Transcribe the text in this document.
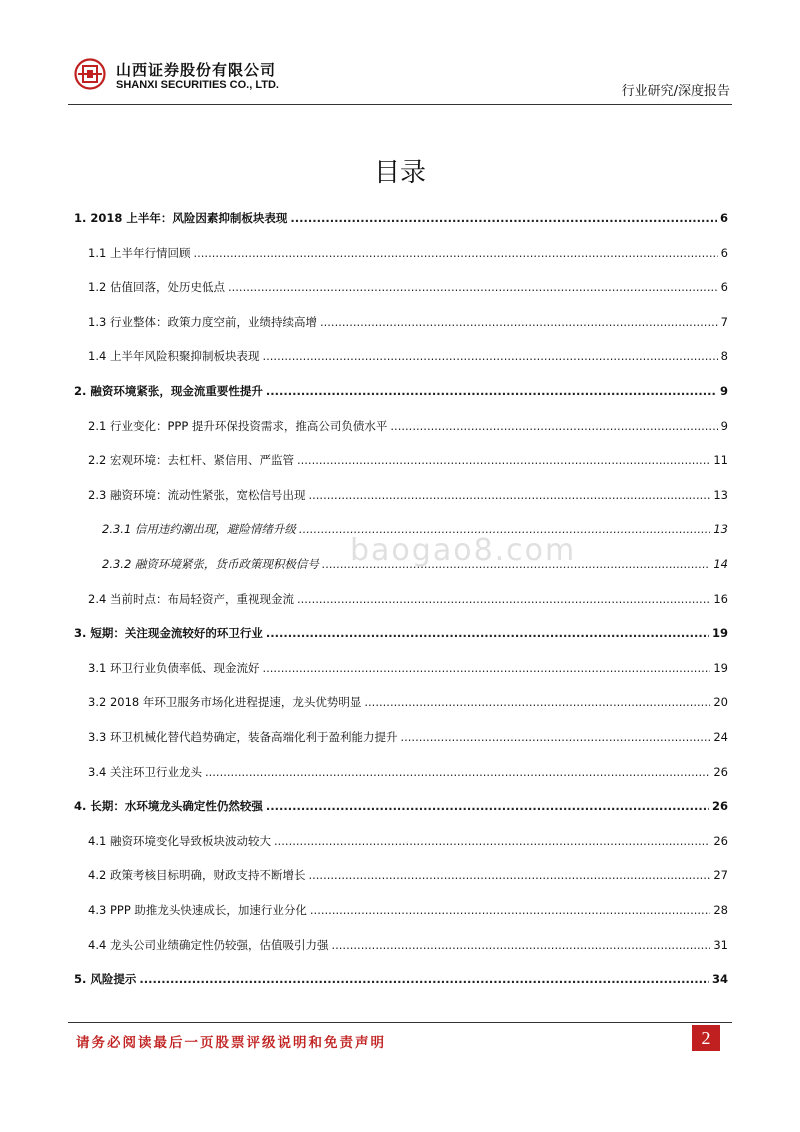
山西证券股份有限公司
SHANXI SECURITIES CO., LTD.	行业研究/深度报告
目录
baogao8.com
1. 2018 上半年：风险因素抑制板块表现 .....	6
1.1 上半年行情回顾 .....	6
1.2 估值回落，处历史低点 .....	6
1.3 行业整体：政策力度空前，业绩持续高增 .....	7
1.4 上半年风险积聚抑制板块表现 .....	8
2. 融资环境紧张，现金流重要性提升 .....	9
2.1 行业变化：PPP 提升环保投资需求，推高公司负债水平 .....	9
2.2 宏观环境：去杠杆、紧信用、严监管 .....	11
2.3 融资环境：流动性紧张，宽松信号出现 .....	13
2.3.1 信用违约潮出现，避险情绪升级 .....	13
2.3.2 融资环境紧张，货币政策现积极信号 .....	14
2.4 当前时点：布局轻资产，重视现金流 .....	16
3. 短期：关注现金流较好的环卫行业 .....	19
3.1 环卫行业负债率低、现金流好 .....	19
3.2 2018 年环卫服务市场化进程提速，龙头优势明显 .....	20
3.3 环卫机械化替代趋势确定，装备高端化利于盈利能力提升 .....	24
3.4 关注环卫行业龙头 .....	26
4. 长期：水环境龙头确定性仍然较强 .....	26
4.1 融资环境变化导致板块波动较大 .....	26
4.2 政策考核目标明确，财政支持不断增长 .....	27
4.3 PPP 助推龙头快速成长，加速行业分化 .....	28
4.4 龙头公司业绩确定性仍较强，估值吸引力强 .....	31
5. 风险提示 .....	34
请务必阅读最后一页股票评级说明和免责声明	2
